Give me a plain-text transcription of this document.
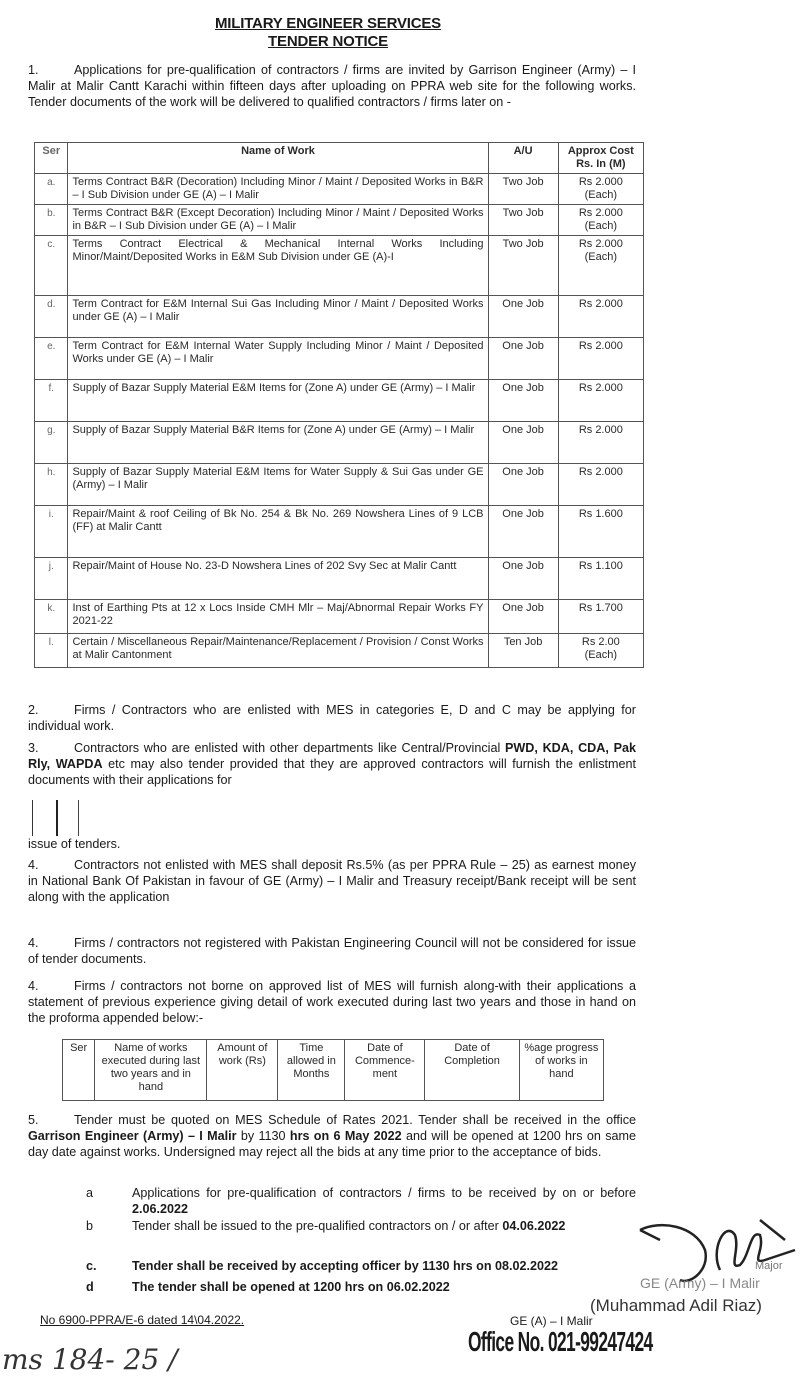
MILITARY ENGINEER SERVICES
TENDER NOTICE
1.	Applications for pre-qualification of contractors / firms are invited by Garrison Engineer (Army) – I Malir at Malir Cantt Karachi within fifteen days after uploading on PPRA web site for the following works. Tender documents of the work will be delivered to qualified contractors / firms later on -
Ser	Name of Work	A/U	Approx Cost
Rs. In (M)

a.	Terms Contract B&R (Decoration) Including Minor / Maint / Deposited Works in B&R – I Sub Division under GE (A) – I Malir	Two Job	Rs 2.000
(Each)

b.	Terms Contract B&R (Except Decoration) Including Minor / Maint / Deposited Works in B&R – I Sub Division under GE (A) – I Malir	Two Job	Rs 2.000
(Each)

c.	Terms Contract Electrical & Mechanical Internal Works Including Minor/Maint/Deposited Works in E&M Sub Division under GE (A)-I	Two Job	Rs 2.000
(Each)

d.	Term Contract for E&M Internal Sui Gas Including Minor / Maint / Deposited Works under GE (A) – I Malir	One Job	Rs 2.000

e.	Term Contract for E&M Internal Water Supply Including Minor / Maint / Deposited Works under GE (A) – I Malir	One Job	Rs 2.000

f.	Supply of Bazar Supply Material E&M Items for (Zone A) under GE (Army) – I Malir	One Job	Rs 2.000

g.	Supply of Bazar Supply Material B&R Items for (Zone A) under GE (Army) – I Malir	One Job	Rs 2.000

h.	Supply of Bazar Supply Material E&M Items for Water Supply & Sui Gas under GE (Army) – I Malir	One Job	Rs 2.000

i.	Repair/Maint & roof Ceiling of Bk No. 254 & Bk No. 269 Nowshera Lines of 9 LCB (FF) at Malir Cantt	One Job	Rs 1.600

j.	Repair/Maint of House No. 23-D Nowshera Lines of 202 Svy Sec at Malir Cantt	One Job	Rs 1.100

k.	Inst of Earthing Pts at 12 x Locs Inside CMH Mlr – Maj/Abnormal Repair Works FY 2021-22	One Job	Rs 1.700

l.	Certain / Miscellaneous Repair/Maintenance/Replacement / Provision / Const Works at Malir Cantonment	Ten Job	Rs 2.00
(Each)
2.	Firms / Contractors who are enlisted with MES in categories E, D and C may be applying for individual work.
3.	Contractors who are enlisted with other departments like Central/Provincial PWD, KDA, CDA, Pak Rly, WAPDA etc may also tender provided that they are approved contractors will furnish the enlistment documents with their applications for
issue of tenders.
4.	Contractors not enlisted with MES shall deposit Rs.5% (as per PPRA Rule – 25) as earnest money in National Bank Of Pakistan in favour of GE (Army) – I Malir and Treasury receipt/Bank receipt will be sent along with the application
4.	Firms / contractors not registered with Pakistan Engineering Council will not be considered for issue of tender documents.
4.	Firms / contractors not borne on approved list of MES will furnish along-with their applications a statement of previous experience giving detail of work executed during last two years and those in hand on the proforma appended below:-
Ser	Name of works executed during last two years and in hand	Amount of work (Rs)	Time allowed in Months	Date of Commence-ment	Date of Completion	%age progress of works in hand
5.	Tender must be quoted on MES Schedule of Rates 2021. Tender shall be received in the office Garrison Engineer (Army) – I Malir by 1130 hrs on 6 May 2022 and will be opened at 1200 hrs on same day date against works. Undersigned may reject all the bids at any time prior to the acceptance of bids.
a	Applications for pre-qualification of contractors / firms to be received by on or before 2.06.2022
b	Tender shall be issued to the pre-qualified contractors on / or after 04.06.2022
c.	Tender shall be received by accepting officer by 1130 hrs on 08.02.2022
d	The tender shall be opened at 1200 hrs on 06.02.2022
Major
GE (Army) – I Malir
No 6900-PPRA/E-6 dated 14\04.2022.	GE (A) – I Malir
(Muhammad Adil Riaz)
Office No. 021-99247424
ms 184- 25 /
